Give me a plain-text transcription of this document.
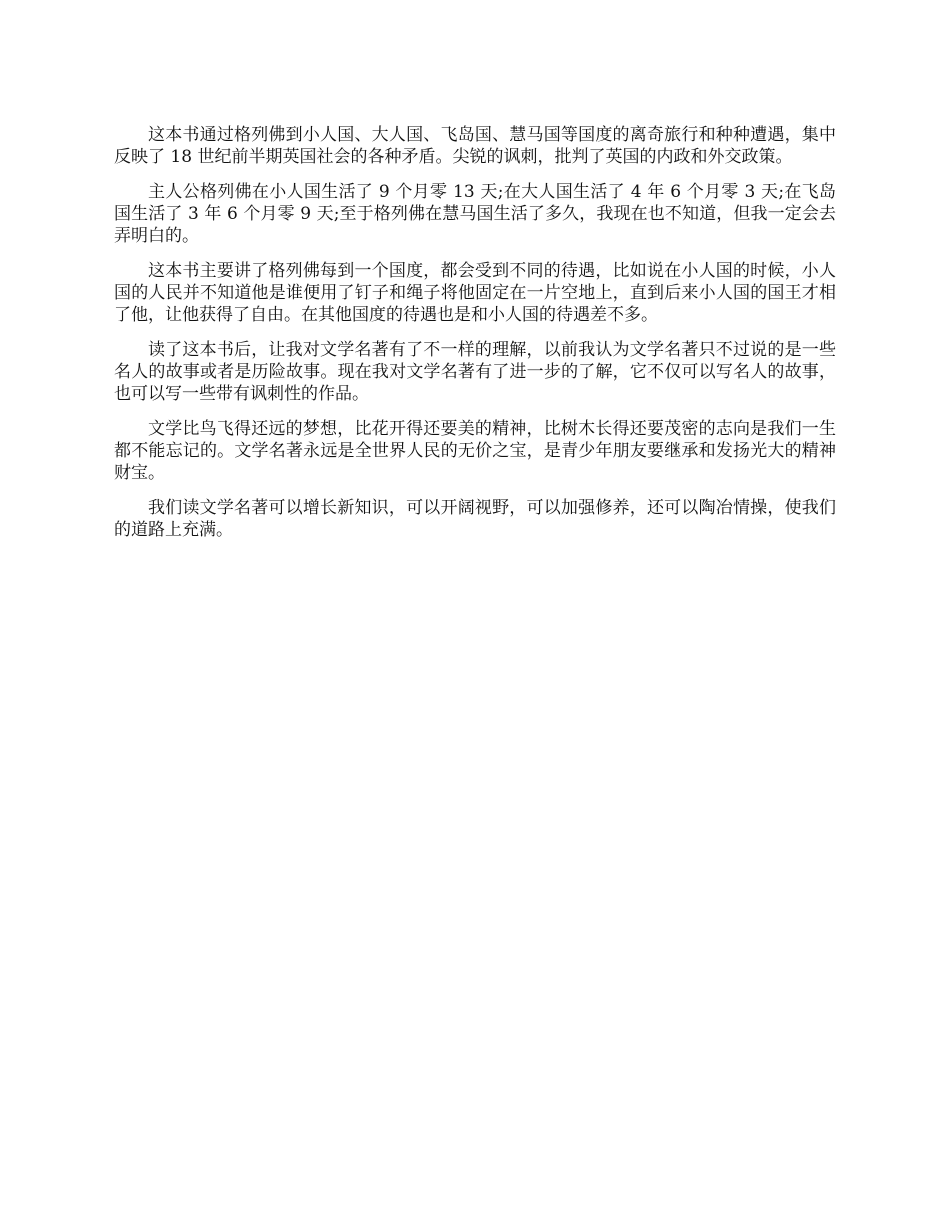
这本书通过格列佛到小人国、大人国、飞岛国、慧马国等国度的离奇旅行和种种遭遇，集中反映了 18 世纪前半期英国社会的各种矛盾。尖锐的讽刺，批判了英国的内政和外交政策。

主人公格列佛在小人国生活了 9 个月零 13 天;在大人国生活了 4 年 6 个月零 3 天;在飞岛国生活了 3 年 6 个月零 9 天;至于格列佛在慧马国生活了多久，我现在也不知道，但我一定会去弄明白的。

这本书主要讲了格列佛每到一个国度，都会受到不同的待遇，比如说在小人国的时候，小人国的人民并不知道他是谁便用了钉子和绳子将他固定在一片空地上，直到后来小人国的国王才相了他，让他获得了自由。在其他国度的待遇也是和小人国的待遇差不多。

读了这本书后，让我对文学名著有了不一样的理解，以前我认为文学名著只不过说的是一些名人的故事或者是历险故事。现在我对文学名著有了进一步的了解，它不仅可以写名人的故事，也可以写一些带有讽刺性的作品。

文学比鸟飞得还远的梦想，比花开得还要美的精神，比树木长得还要茂密的志向是我们一生都不能忘记的。文学名著永远是全世界人民的无价之宝，是青少年朋友要继承和发扬光大的精神财宝。

我们读文学名著可以增长新知识，可以开阔视野，可以加强修养，还可以陶冶情操，使我们的道路上充满。
